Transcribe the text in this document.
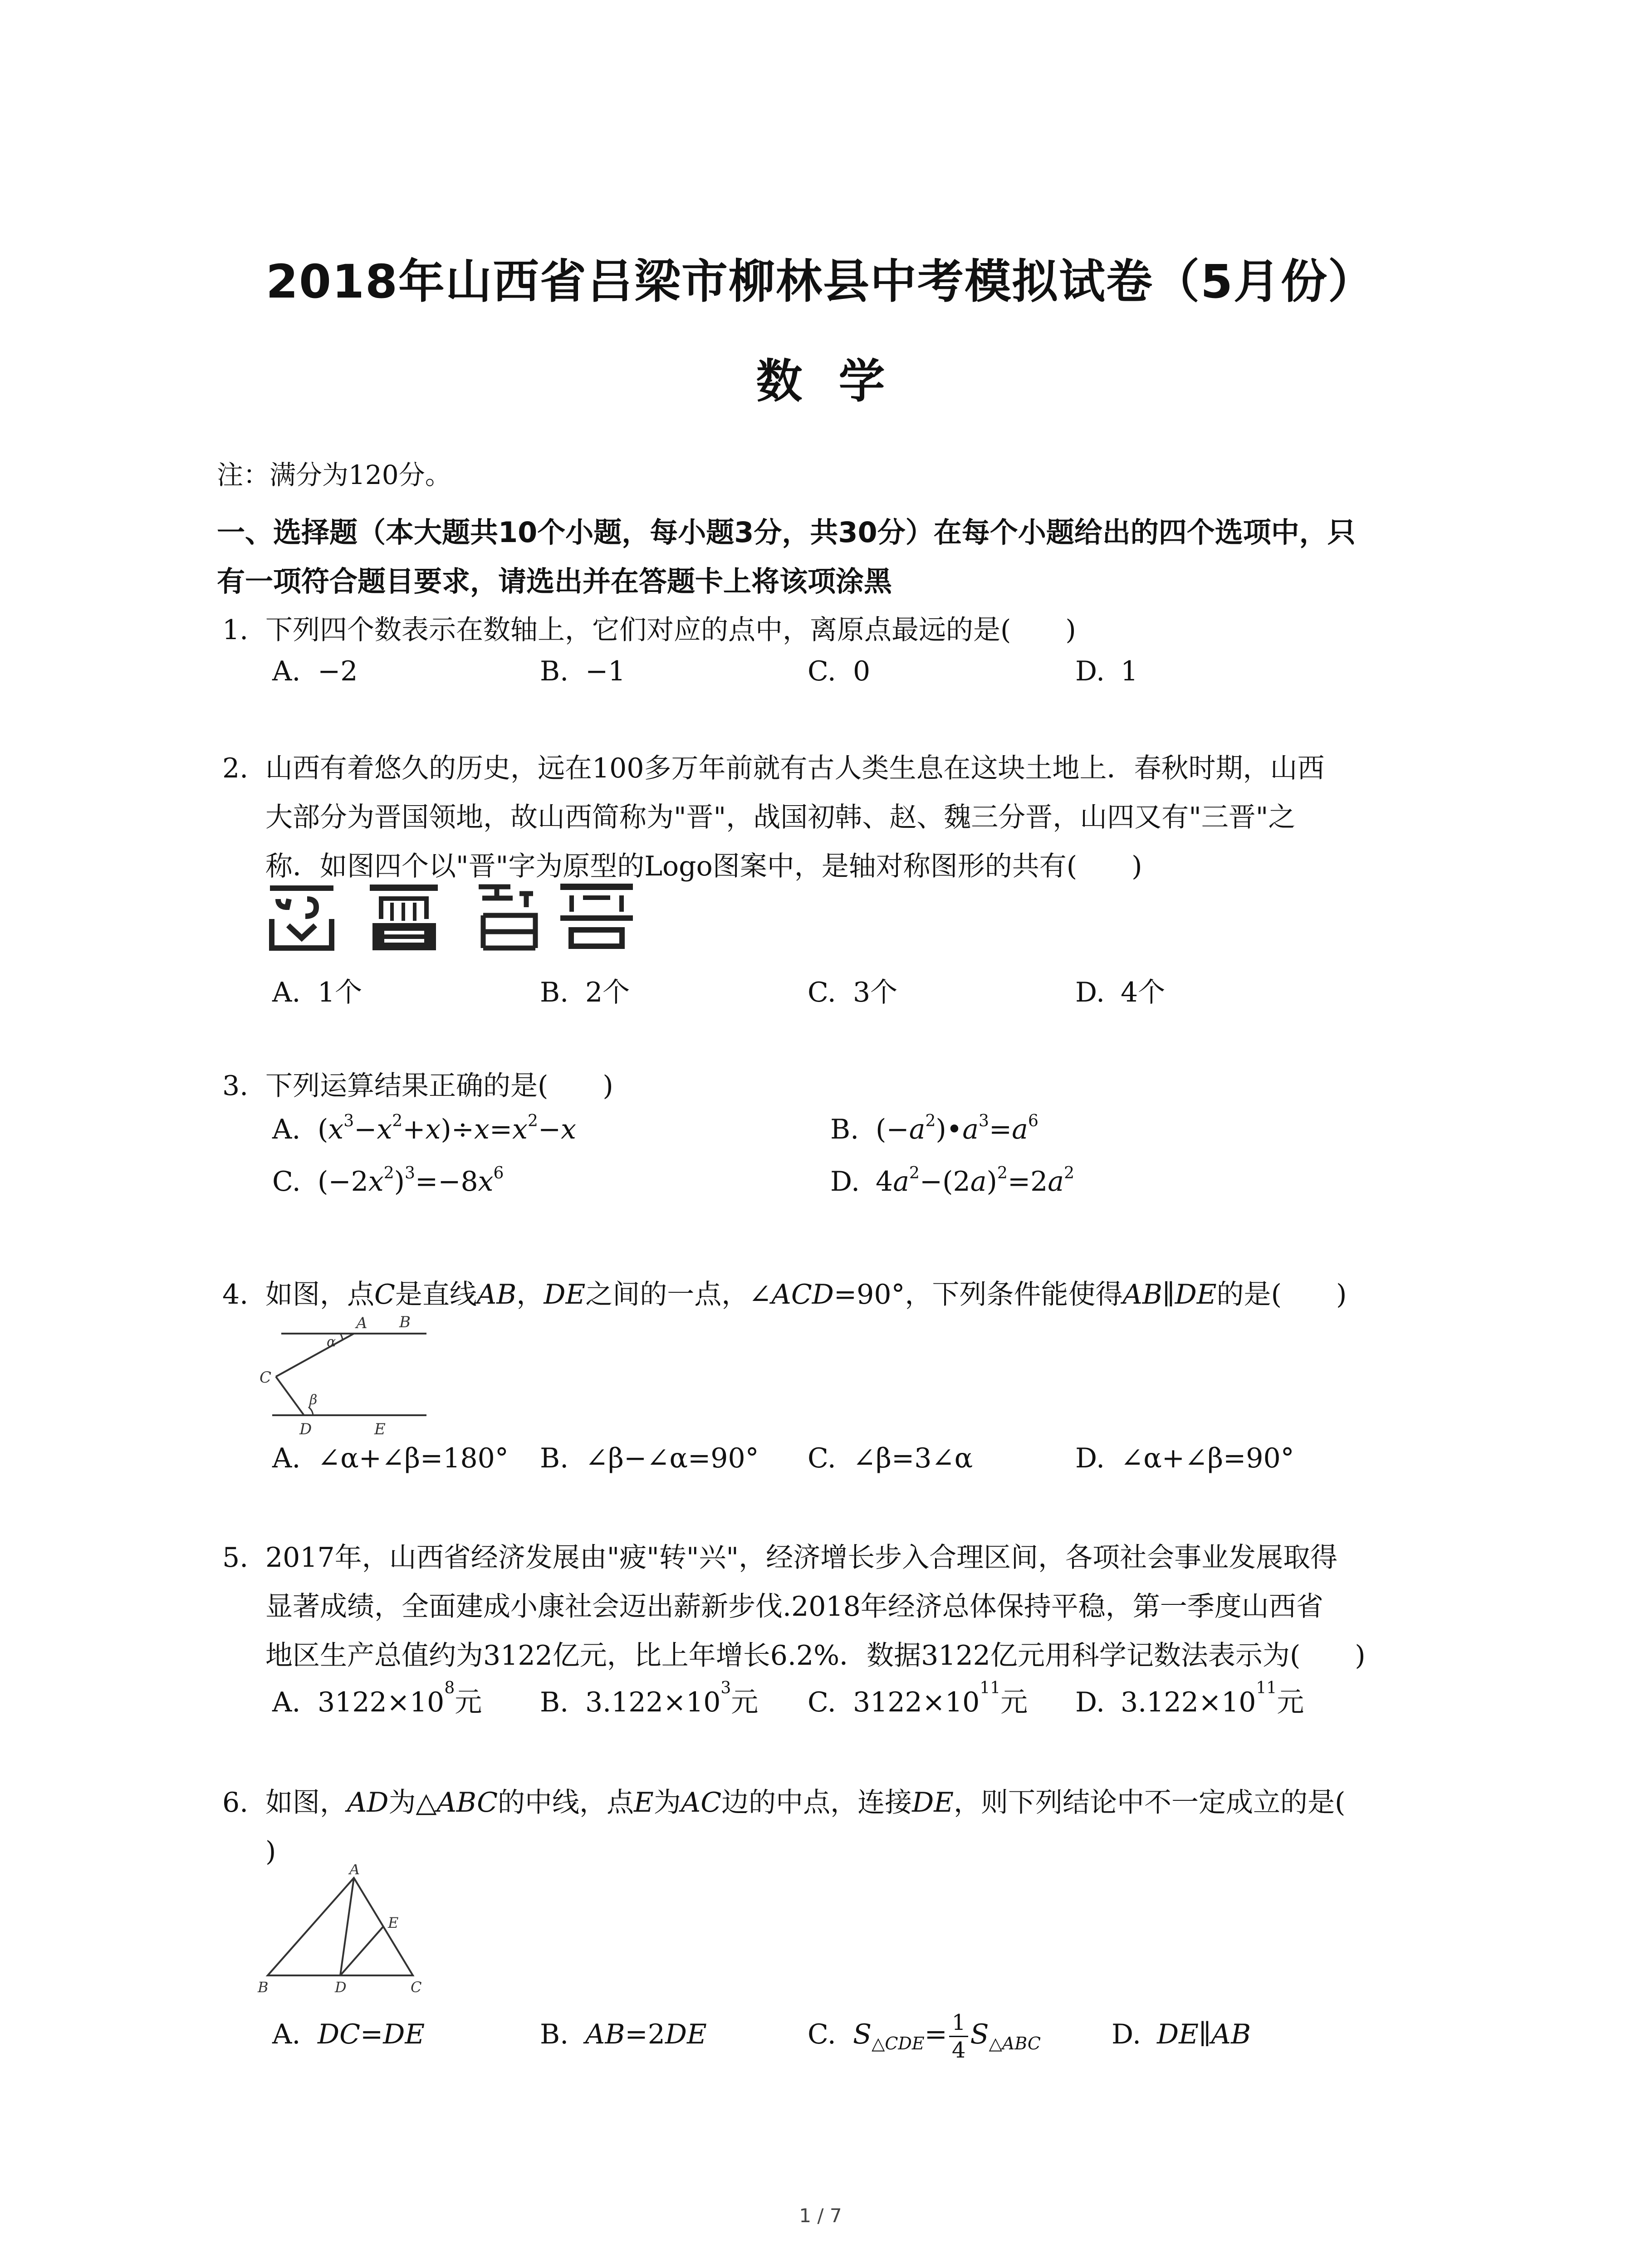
2018年山西省吕梁市柳林县中考模拟试卷（5月份）
数学
注：满分为120分。
一、选择题（本大题共10个小题，每小题3分，共30分）在每个小题给出的四个选项中，只
有一项符合题目要求，请选出并在答题卡上将该项涂黑
1. 下列四个数表示在数轴上，它们对应的点中，离原点最远的是(　　)
A. −2	B. −1	C. 0	D. 1
2. 山西有着悠久的历史，远在100多万年前就有古人类生息在这块土地上．春秋时期，山西
大部分为晋国领地，故山西简称为"晋"，战国初韩、赵、魏三分晋，山四又有"三晋"之
称．如图四个以"晋"字为原型的Logo图案中，是轴对称图形的共有(　　)
A. 1个	B. 2个	C. 3个	D. 4个
3. 下列运算结果正确的是(　　)
A. $(x^3-x^2+x)\div x=x^2-x$	B. $(-a^2)•a^3=a^6$
C. $(-2x^2)^3=-8x^6$	D. $4a^2-(2a)^2=2a^2$
4. 如图，点C是直线AB，DE之间的一点，∠ACD=90°，下列条件能使得AB∥DE的是(　　)
A B
C
D	E
α
β
A. ∠α+∠β=180° B. ∠β−∠α=90° C. ∠β=3∠α	D. ∠α+∠β=90°
5. 2017年，山西省经济发展由"疲"转"兴"，经济增长步入合理区间，各项社会事业发展取得
显著成绩，全面建成小康社会迈出薪新步伐.2018年经济总体保持平稳，第一季度山西省
地区生产总值约为3122亿元，比上年增长6.2%．数据3122亿元用科学记数法表示为(　　)
A. $3122\times 10^8$元 B. $3.122\times 10^3$元 C. $3122\times 10^{11}$元 D. $3.122\times 10^{11}$元
6. 如图，AD为△ABC的中线，点E为AC边的中点，连接DE，则下列结论中不一定成立的是(
)
A
B	C
D
E
A. DC=DE	B. AB=2DE	C. $S_{\triangle CDE}= \frac{1}{4} S_{\triangle ABC}$	D. DE∥AB
1 / 7
